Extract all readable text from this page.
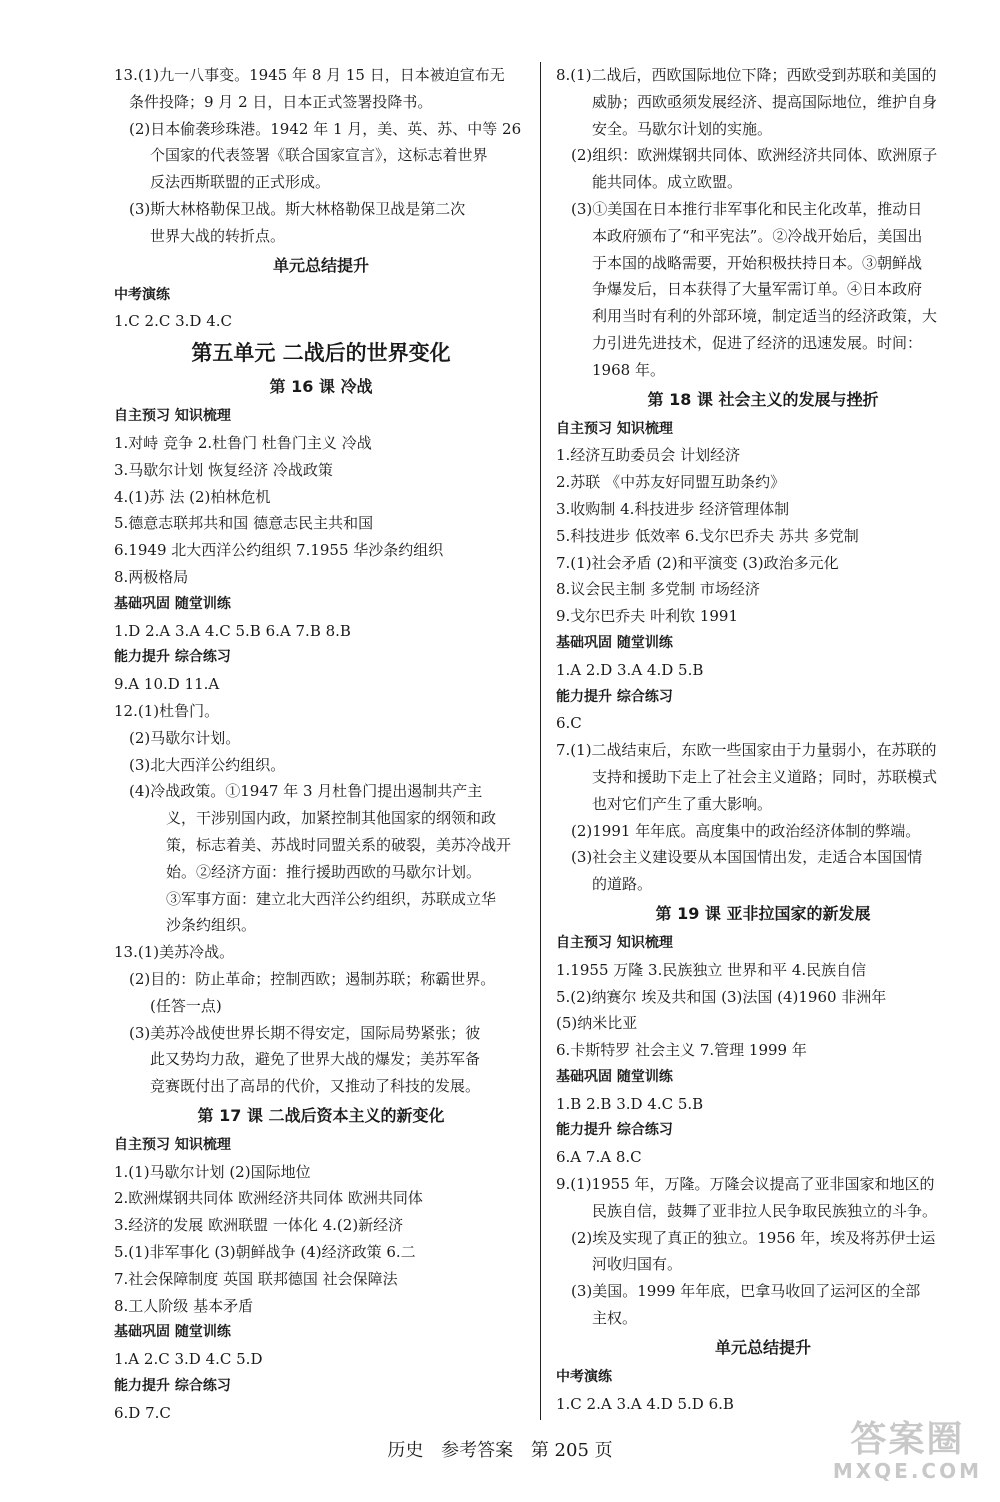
13.(1)九一八事变。1945 年 8 月 15 日，日本被迫宣布无
条件投降；9 月 2 日，日本正式签署投降书。
(2)日本偷袭珍珠港。1942 年 1 月，美、英、苏、中等 26
个国家的代表签署《联合国家宣言》，这标志着世界
反法西斯联盟的正式形成。
(3)斯大林格勒保卫战。斯大林格勒保卫战是第二次
世界大战的转折点。
单元总结提升
中考演练
1.C 2.C 3.D 4.C
第五单元 二战后的世界变化
第 16 课 冷战
自主预习 知识梳理
1.对峙 竞争 2.杜鲁门 杜鲁门主义 冷战
3.马歇尔计划 恢复经济 冷战政策
4.(1)苏 法 (2)柏林危机
5.德意志联邦共和国 德意志民主共和国
6.1949 北大西洋公约组织 7.1955 华沙条约组织
8.两极格局
基础巩固 随堂训练
1.D 2.A 3.A 4.C 5.B 6.A 7.B 8.B
能力提升 综合练习
9.A 10.D 11.A
12.(1)杜鲁门。
(2)马歇尔计划。
(3)北大西洋公约组织。
(4)冷战政策。①1947 年 3 月杜鲁门提出遏制共产主
义，干涉别国内政，加紧控制其他国家的纲领和政
策，标志着美、苏战时同盟关系的破裂，美苏冷战开
始。②经济方面：推行援助西欧的马歇尔计划。
③军事方面：建立北大西洋公约组织，苏联成立华
沙条约组织。
13.(1)美苏冷战。
(2)目的：防止革命；控制西欧；遏制苏联；称霸世界。
(任答一点)
(3)美苏冷战使世界长期不得安定，国际局势紧张；彼
此又势均力敌，避免了世界大战的爆发；美苏军备
竞赛既付出了高昂的代价，又推动了科技的发展。
第 17 课 二战后资本主义的新变化
自主预习 知识梳理
1.(1)马歇尔计划 (2)国际地位
2.欧洲煤钢共同体 欧洲经济共同体 欧洲共同体
3.经济的发展 欧洲联盟 一体化 4.(2)新经济
5.(1)非军事化 (3)朝鲜战争 (4)经济政策 6.二
7.社会保障制度 英国 联邦德国 社会保障法
8.工人阶级 基本矛盾
基础巩固 随堂训练
1.A 2.C 3.D 4.C 5.D
能力提升 综合练习
6.D 7.C
8.(1)二战后，西欧国际地位下降；西欧受到苏联和美国的
威胁；西欧亟须发展经济、提高国际地位，维护自身
安全。马歇尔计划的实施。
(2)组织：欧洲煤钢共同体、欧洲经济共同体、欧洲原子
能共同体。成立欧盟。
(3)①美国在日本推行非军事化和民主化改革，推动日
本政府颁布了“和平宪法”。②冷战开始后，美国出
于本国的战略需要，开始积极扶持日本。③朝鲜战
争爆发后，日本获得了大量军需订单。④日本政府
利用当时有利的外部环境，制定适当的经济政策，大
力引进先进技术，促进了经济的迅速发展。时间：
1968 年。
第 18 课 社会主义的发展与挫折
自主预习 知识梳理
1.经济互助委员会 计划经济
2.苏联 《中苏友好同盟互助条约》
3.收购制 4.科技进步 经济管理体制
5.科技进步 低效率 6.戈尔巴乔夫 苏共 多党制
7.(1)社会矛盾 (2)和平演变 (3)政治多元化
8.议会民主制 多党制 市场经济
9.戈尔巴乔夫 叶利钦 1991
基础巩固 随堂训练
1.A 2.D 3.A 4.D 5.B
能力提升 综合练习
6.C
7.(1)二战结束后，东欧一些国家由于力量弱小，在苏联的
支持和援助下走上了社会主义道路；同时，苏联模式
也对它们产生了重大影响。
(2)1991 年年底。高度集中的政治经济体制的弊端。
(3)社会主义建设要从本国国情出发，走适合本国国情
的道路。
第 19 课 亚非拉国家的新发展
自主预习 知识梳理
1.1955 万隆 3.民族独立 世界和平 4.民族自信
5.(2)纳赛尔 埃及共和国 (3)法国 (4)1960 非洲年
(5)纳米比亚
6.卡斯特罗 社会主义 7.管理 1999 年
基础巩固 随堂训练
1.B 2.B 3.D 4.C 5.B
能力提升 综合练习
6.A 7.A 8.C
9.(1)1955 年，万隆。万隆会议提高了亚非国家和地区的
民族自信，鼓舞了亚非拉人民争取民族独立的斗争。
(2)埃及实现了真正的独立。1956 年，埃及将苏伊士运
河收归国有。
(3)美国。1999 年年底，巴拿马收回了运河区的全部
主权。
单元总结提升
中考演练
1.C 2.A 3.A 4.D 5.D 6.B
历史 参考答案 第 205 页	答案圈
MXQE.COM
